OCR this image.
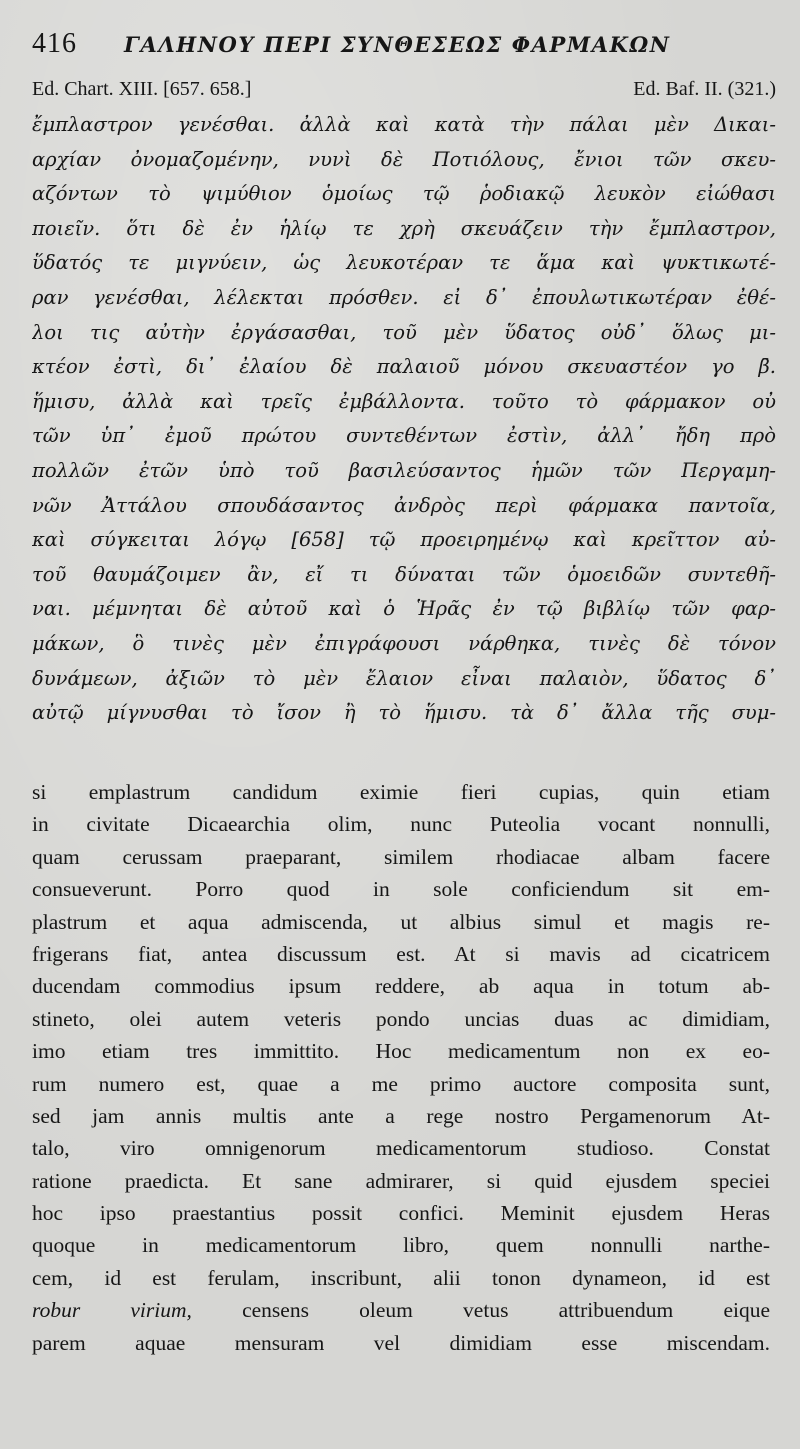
416 ΓΑΛΗΝΟΥ ΠΕΡΙ ΣΥΝΘΕΣΕΩΣ ΦΑΡΜΑΚΩΝ
Ed. Chart. XIII. [657. 658.]	Ed. Baf. II. (321.)
ἔμπλαστρον γενέσθαι. ἀλλὰ καὶ κατὰ τὴν πάλαι μὲν Δικαι-
αρχίαν ὀνομαζομένην, νυνὶ δὲ Ποτιόλους, ἔνιοι τῶν σκευ-
αζόντων τὸ ψιμύθιον ὁμοίως τῷ ῥοδιακῷ λευκὸν εἰώθασι
ποιεῖν. ὅτι δὲ ἐν ἡλίῳ τε χρὴ σκευάζειν τὴν ἔμπλαστρον,
ὕδατός τε μιγνύειν, ὡς λευκοτέραν τε ἅμα καὶ ψυκτικωτέ-
ραν γενέσθαι, λέλεκται πρόσθεν. εἰ δ᾽ ἐπουλωτικωτέραν ἐθέ-
λοι τις αὐτὴν ἐργάσασθαι, τοῦ μὲν ὕδατος οὐδ᾽ ὅλως μι-
κτέον ἐστὶ, δι᾽ ἐλαίου δὲ παλαιοῦ μόνου σκευαστέον γο β̄.
ἥμισυ, ἀλλὰ καὶ τρεῖς ἐμβάλλοντα. τοῦτο τὸ φάρμακον οὐ
τῶν ὑπ᾽ ἐμοῦ πρώτου συντεθέντων ἐστὶν, ἀλλ᾽ ἤδη πρὸ
πολλῶν ἐτῶν ὑπὸ τοῦ βασιλεύσαντος ἡμῶν τῶν Περγαμη-
νῶν Ἀττάλου σπουδάσαντος ἀνδρὸς περὶ φάρμακα παντοῖα,
καὶ σύγκειται λόγῳ [658] τῷ προειρημένῳ καὶ κρεῖττον αὐ-
τοῦ θαυμάζοιμεν ἂν, εἴ τι δύναται τῶν ὁμοειδῶν συντεθῆ-
ναι. μέμνηται δὲ αὐτοῦ καὶ ὁ Ἡρᾶς ἐν τῷ βιβλίῳ τῶν φαρ-
μάκων, ὃ τινὲς μὲν ἐπιγράφουσι νάρθηκα, τινὲς δὲ τόνον
δυνάμεων, ἀξιῶν τὸ μὲν ἔλαιον εἶναι παλαιὸν, ὕδατος δ᾽
αὐτῷ μίγνυσθαι τὸ ἴσον ἢ τὸ ἥμισυ. τὰ δ᾽ ἄλλα τῆς συμ-
si emplastrum candidum eximie fieri cupias, quin etiam
in civitate Dicaearchia olim, nunc Puteolia vocant nonnulli,
quam cerussam praeparant, similem rhodiacae albam facere
consueverunt. Porro quod in sole conficiendum sit em-
plastrum et aqua admiscenda, ut albius simul et magis re-
frigerans fiat, antea discussum est. At si mavis ad cicatricem
ducendam commodius ipsum reddere, ab aqua in totum ab-
stineto, olei autem veteris pondo uncias duas ac dimidiam,
imo etiam tres immittito. Hoc medicamentum non ex eo-
rum numero est, quae a me primo auctore composita sunt,
sed jam annis multis ante a rege nostro Pergamenorum At-
talo, viro omnigenorum medicamentorum studioso. Constat
ratione praedicta. Et sane admirarer, si quid ejusdem speciei
hoc ipso praestantius possit confici. Meminit ejusdem Heras
quoque in medicamentorum libro, quem nonnulli narthe-
cem, id est ferulam, inscribunt, alii tonon dynameon, id est
robur virium, censens oleum vetus attribuendum eique
parem aquae mensuram vel dimidiam esse miscendam.
